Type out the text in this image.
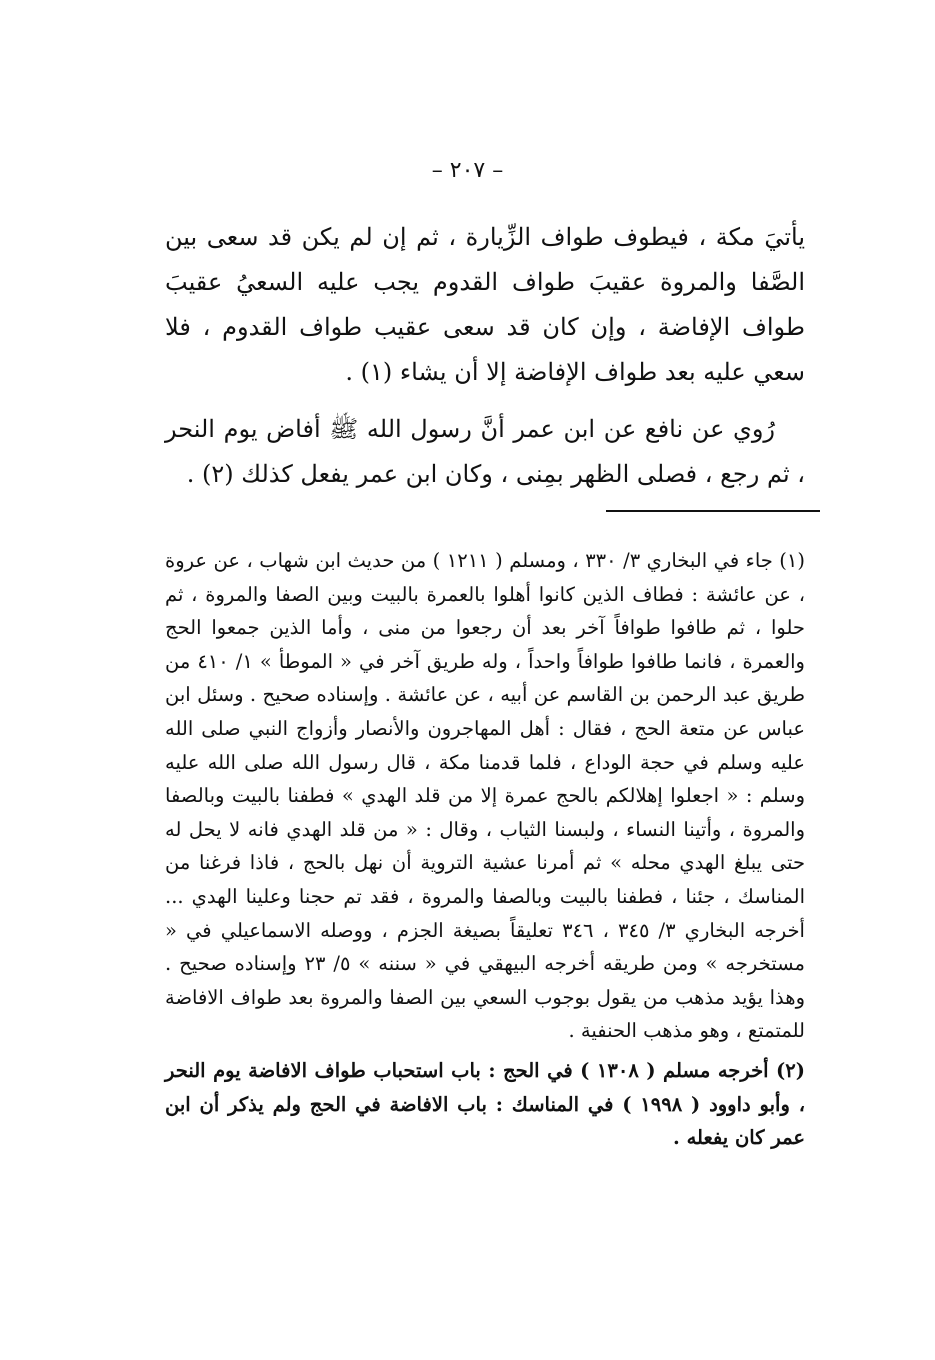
– ٢٠٧ –

يأتيَ مكة ، فيطوف طواف الزِّيارة ، ثم إن لم يكن قد سعى بين الصَّفا والمروة عقيبَ طواف القدوم يجب عليه السعيُ عقيبَ طواف الإفاضة ، وإن كان قد سعى عقيب طواف القدوم ، فلا سعي عليه بعد طواف الإفاضة إلا أن يشاء (١) .

رُوي عن نافع عن ابن عمر أنَّ رسول الله ﷺ أفاض يوم النحر ، ثم رجع ، فصلى الظهر بمِنى ، وكان ابن عمر يفعل كذلك (٢) .

(١) جاء في البخاري ٣/ ٣٣٠ ، ومسلم ( ١٢١١ ) من حديث ابن شهاب ، عن عروة ، عن عائشة : فطاف الذين كانوا أهلوا بالعمرة بالبيت وبين الصفا والمروة ، ثم حلوا ، ثم طافوا طوافاً آخر بعد أن رجعوا من منى ، وأما الذين جمعوا الحج والعمرة ، فانما طافوا طوافاً واحداً ، وله طريق آخر في « الموطأ » ١/ ٤١٠ من طريق عبد الرحمن بن القاسم عن أبيه ، عن عائشة . وإسناده صحيح . وسئل ابن عباس عن متعة الحج ، فقال : أهل المهاجرون والأنصار وأزواج النبي صلى الله عليه وسلم في حجة الوداع ، فلما قدمنا مكة ، قال رسول الله صلى الله عليه وسلم : « اجعلوا إهلالكم بالحج عمرة إلا من قلد الهدي » فطفنا بالبيت وبالصفا والمروة ، وأتينا النساء ، ولبسنا الثياب ، وقال : « من قلد الهدي فانه لا يحل له حتى يبلغ الهدي محله » ثم أمرنا عشية التروية أن نهل بالحج ، فاذا فرغنا من المناسك ، جئنا ، فطفنا بالبيت وبالصفا والمروة ، فقد تم حجنا وعلينا الهدي ... أخرجه البخاري ٣/ ٣٤٥ ، ٣٤٦ تعليقاً بصيغة الجزم ، ووصله الاسماعيلي في « مستخرجه » ومن طريقه أخرجه البيهقي في « سننه » ٥/ ٢٣ وإسناده صحيح . وهذا يؤيد مذهب من يقول بوجوب السعي بين الصفا والمروة بعد طواف الافاضة للمتمتع ، وهو مذهب الحنفية .

(٢) أخرجه مسلم ( ١٣٠٨ ) في الحج : باب استحباب طواف الافاضة يوم النحر ، وأبو داوود ( ١٩٩٨ ) في المناسك : باب الافاضة في الحج ولم يذكر أن ابن عمر كان يفعله .
